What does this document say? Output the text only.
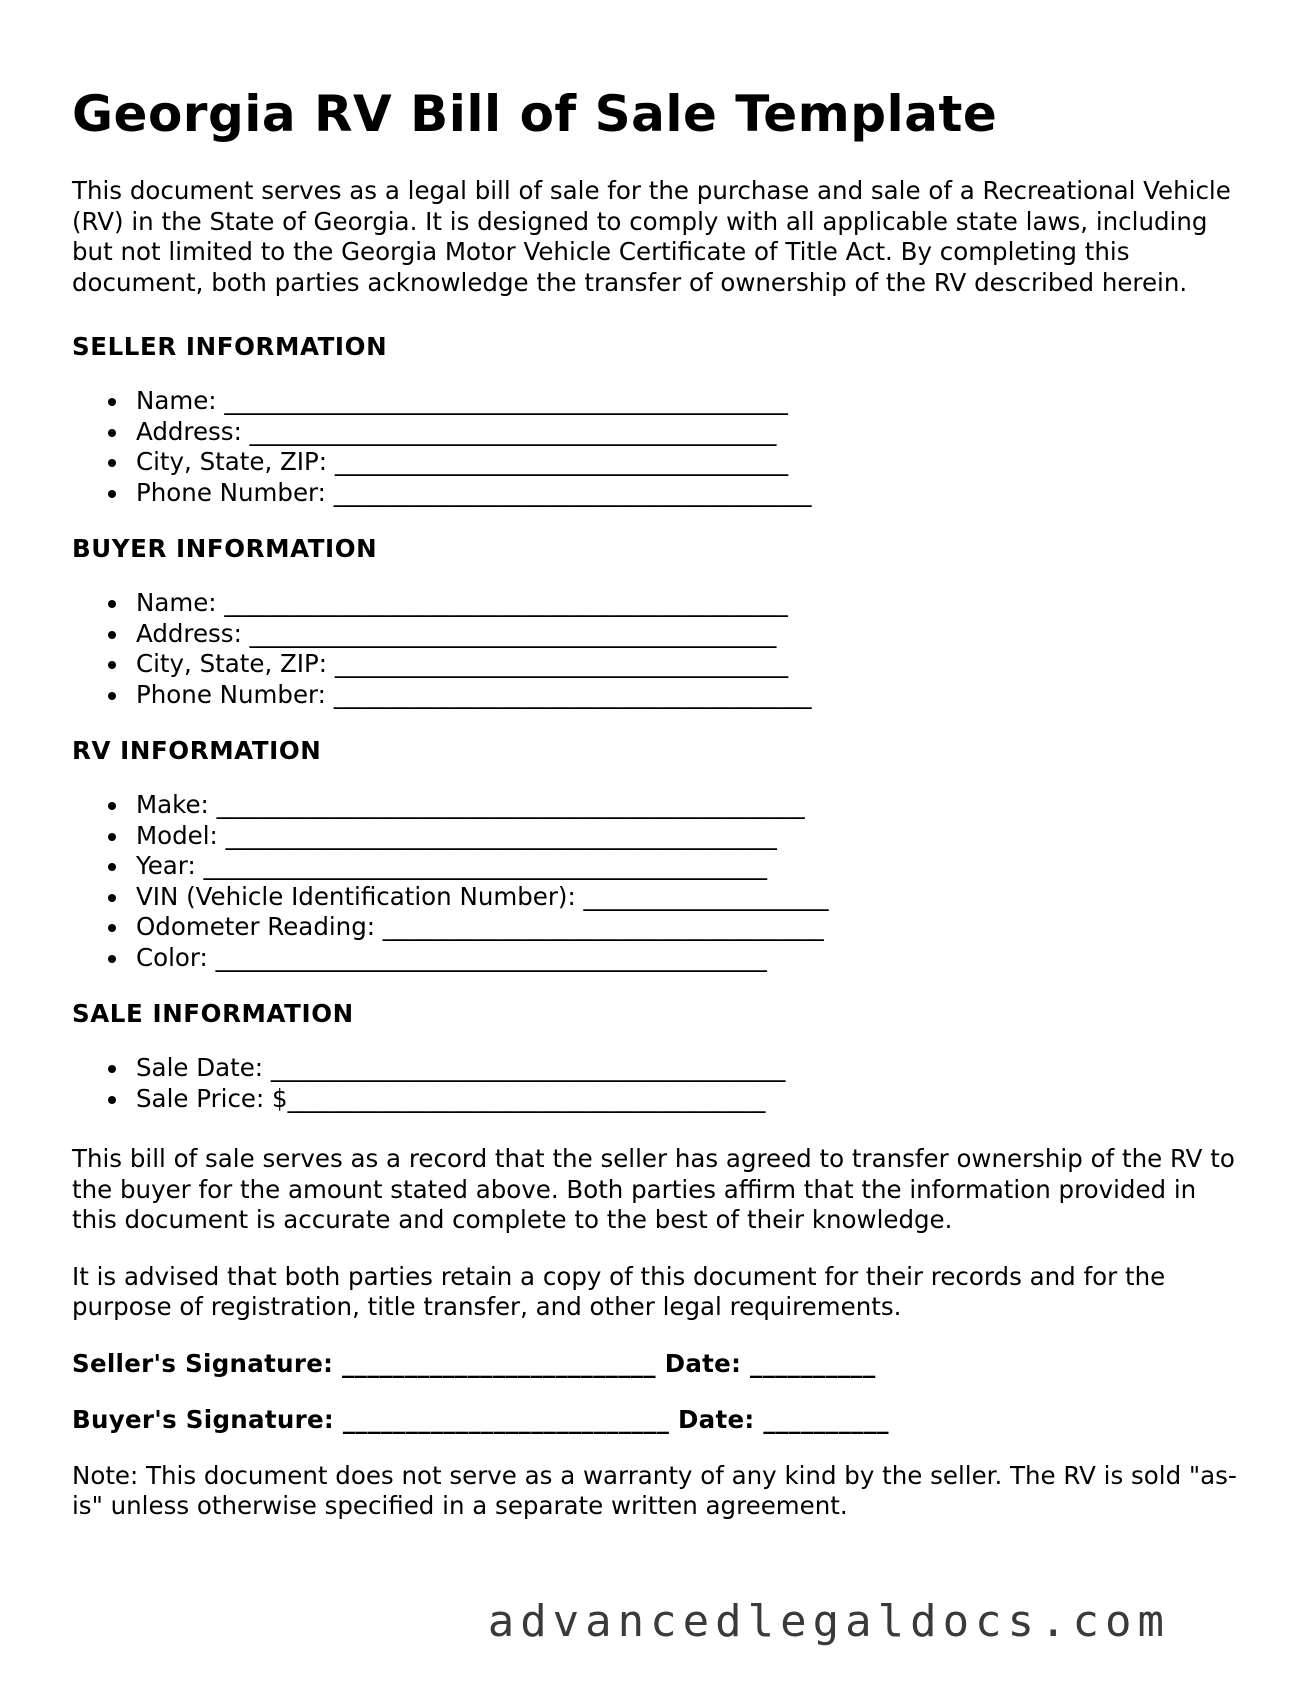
Georgia RV Bill of Sale Template

This document serves as a legal bill of sale for the purchase and sale of a Recreational Vehicle (RV) in the State of Georgia. It is designed to comply with all applicable state laws, including but not limited to the Georgia Motor Vehicle Certificate of Title Act. By completing this document, both parties acknowledge the transfer of ownership of the RV described herein.

SELLER INFORMATION
Name: ______________________________________________
Address: ___________________________________________
City, State, ZIP: _____________________________________
Phone Number: _______________________________________
BUYER INFORMATION
Name: ______________________________________________
Address: ___________________________________________
City, State, ZIP: _____________________________________
Phone Number: _______________________________________
RV INFORMATION
Make: ________________________________________________
Model: _____________________________________________
Year: ______________________________________________
VIN (Vehicle Identification Number): ____________________
Odometer Reading: ____________________________________
Color: _____________________________________________
SALE INFORMATION
Sale Date: __________________________________________
Sale Price: $_______________________________________

This bill of sale serves as a record that the seller has agreed to transfer ownership of the RV to the buyer for the amount stated above. Both parties affirm that the information provided in this document is accurate and complete to the best of their knowledge.

It is advised that both parties retain a copy of this document for their records and for the purpose of registration, title transfer, and other legal requirements.

Seller's Signature: _________________________ Date: __________

Buyer's Signature: __________________________ Date: __________

Note: This document does not serve as a warranty of any kind by the seller. The RV is sold "as-is" unless otherwise specified in a separate written agreement.

advancedlegaldocs.com
